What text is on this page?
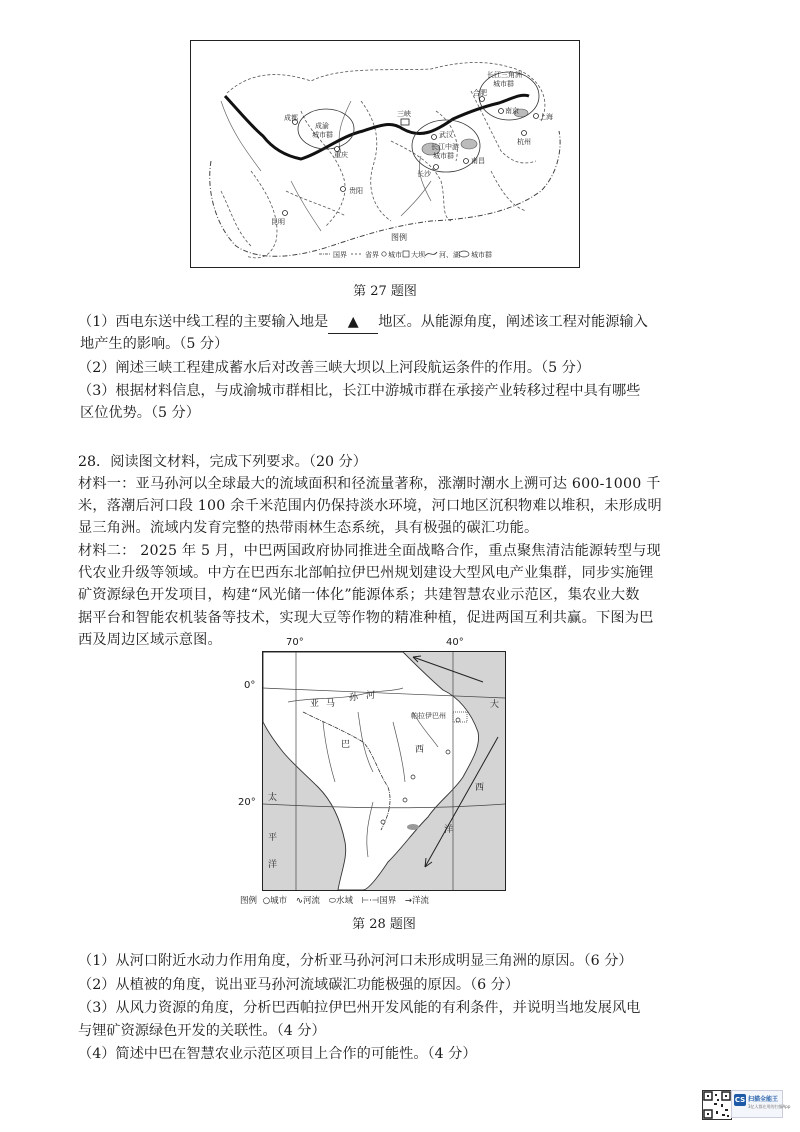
成都
成渝
城市群
重庆
三峡
武汉
长江中游
城市群
长沙
南昌
合肥
南京
上海
杭州
长江三角洲
城市群
贵阳
昆明
图例
国界	省界 城市 大坝 河、湖 城市群
第 27 题图
（1）西电东送中线工程的主要输入地是 ▲ 地区。从能源角度，阐述该工程对能源输入
地产生的影响。（5 分）
（2）阐述三峡工程建成蓄水后对改善三峡大坝以上河段航运条件的作用。（5 分）
（3）根据材料信息，与成渝城市群相比，长江中游城市群在承接产业转移过程中具有哪些
区位优势。（5 分）
28．阅读图文材料，完成下列要求。（20 分）
材料一：亚马孙河以全球最大的流域面积和径流量著称，涨潮时潮水上溯可达 600-1000 千
米，落潮后河口段 100 余千米范围内仍保持淡水环境，河口地区沉积物难以堆积，未形成明
显三角洲。流域内发育完整的热带雨林生态系统，具有极强的碳汇功能。
材料二： 2025 年 5 月，中巴两国政府协同推进全面战略合作，重点聚焦清洁能源转型与现
代农业升级等领域。中方在巴西东北部帕拉伊巴州规划建设大型风电产业集群，同步实施锂
矿资源绿色开发项目，构建“风光储一体化”能源体系；共建智慧农业示范区，集农业大数
据平台和智能农机装备等技术，实现大豆等作物的精准种植，促进两国互利共赢。下图为巴
西及周边区域示意图。	70°	40°
0°
20°
亚 马
孙 河
巴	西
帕拉伊巴州
大
西
洋
太
平
洋
图例 ○城市 ∿河流 ⬭水域 ⊢·⊣国界 →洋流
第 28 题图
（1）从河口附近水动力作用角度，分析亚马孙河河口未形成明显三角洲的原因。（6 分）
（2）从植被的角度，说出亚马孙河流域碳汇功能极强的原因。（6 分）
（3）从风力资源的角度，分析巴西帕拉伊巴州开发风能的有利条件，并说明当地发展风电
与锂矿资源绿色开发的关联性。（4 分）
（4）简述中巴在智慧农业示范区项目上合作的可能性。（4 分）
CS 扫描全能王
3亿人都在用的扫描App
